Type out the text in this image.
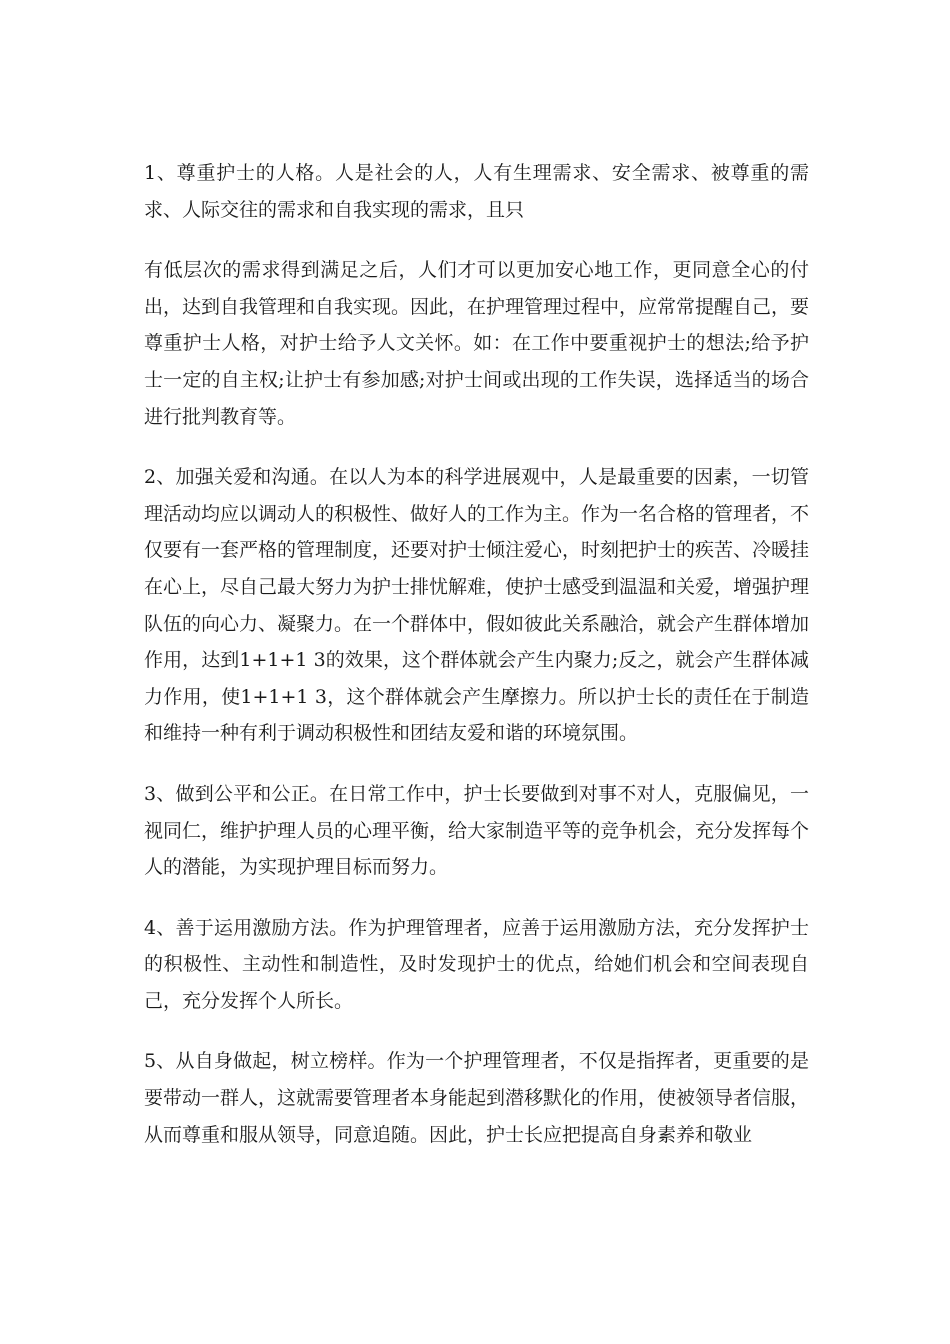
1、尊重护士的人格。人是社会的人，人有生理需求、安全需求、被尊重的需求、人际交往的需求和自我实现的需求，且只

有低层次的需求得到满足之后，人们才可以更加安心地工作，更同意全心的付出，达到自我管理和自我实现。因此，在护理管理过程中，应常常提醒自己，要尊重护士人格，对护士给予人文关怀。如：在工作中要重视护士的想法;给予护士一定的自主权;让护士有参加感;对护士间或出现的工作失误，选择适当的场合进行批判教育等。

2、加强关爱和沟通。在以人为本的科学进展观中，人是最重要的因素，一切管理活动均应以调动人的积极性、做好人的工作为主。作为一名合格的管理者，不仅要有一套严格的管理制度，还要对护士倾注爱心，时刻把护士的疾苦、冷暖挂在心上，尽自己最大努力为护士排忧解难，使护士感受到温温和关爱，增强护理队伍的向心力、凝聚力。在一个群体中，假如彼此关系融洽，就会产生群体增加作用，达到1+1+1 3的效果，这个群体就会产生内聚力;反之，就会产生群体减力作用，使1+1+1 3，这个群体就会产生摩擦力。所以护士长的责任在于制造和维持一种有利于调动积极性和团结友爱和谐的环境氛围。

3、做到公平和公正。在日常工作中，护士长要做到对事不对人，克服偏见，一视同仁，维护护理人员的心理平衡，给大家制造平等的竞争机会，充分发挥每个人的潜能，为实现护理目标而努力。

4、善于运用激励方法。作为护理管理者，应善于运用激励方法，充分发挥护士的积极性、主动性和制造性，及时发现护士的优点，给她们机会和空间表现自己，充分发挥个人所长。

5、从自身做起，树立榜样。作为一个护理管理者，不仅是指挥者，更重要的是要带动一群人，这就需要管理者本身能起到潜移默化的作用，使被领导者信服，从而尊重和服从领导，同意追随。因此，护士长应把提高自身素养和敬业
